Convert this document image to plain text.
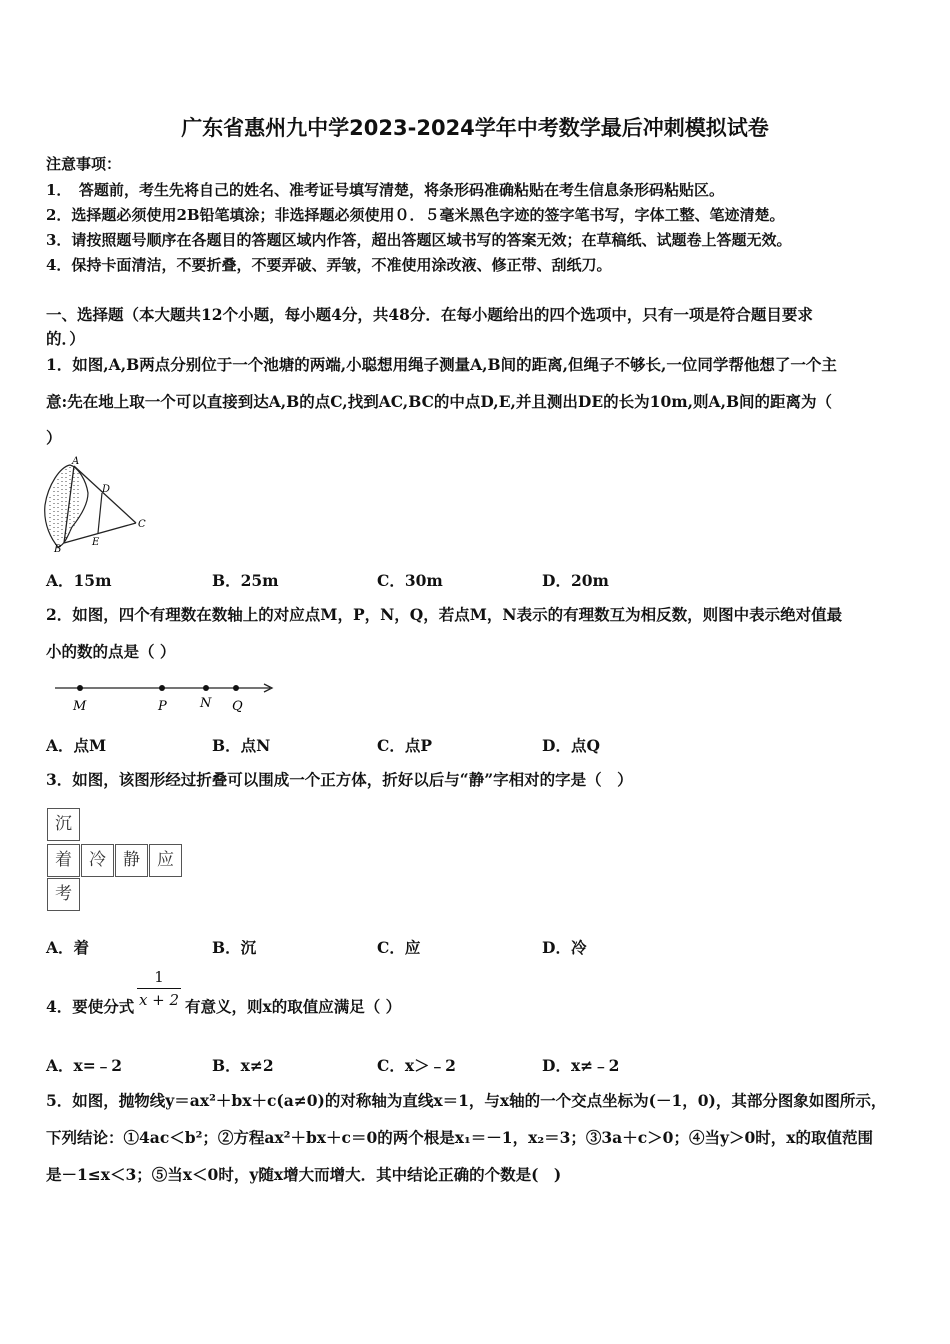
广东省惠州九中学2023-2024学年中考数学最后冲刺模拟试卷
注意事项：
1．　答题前，考生先将自己的姓名、准考证号填写清楚，将条形码准确粘贴在考生信息条形码粘贴区。
2．选择题必须使用2B铅笔填涂；非选择题必须使用０．５毫米黑色字迹的签字笔书写，字体工整、笔迹清楚。
3．请按照题号顺序在各题目的答题区域内作答，超出答题区域书写的答案无效；在草稿纸、试题卷上答题无效。
4．保持卡面清洁，不要折叠，不要弄破、弄皱，不准使用涂改液、修正带、刮纸刀。
一、选择题（本大题共12个小题，每小题4分，共48分．在每小题给出的四个选项中，只有一项是符合题目要求
的．）
1．如图,A,B两点分别位于一个池塘的两端,小聪想用绳子测量A,B间的距离,但绳子不够长,一位同学帮他想了一个主
意:先在地上取一个可以直接到达A,B的点C,找到AC,BC的中点D,E,并且测出DE的长为10m,则A,B间的距离为（
）
A
D
C
B
E
A．15m	B．25m	C．30m	D．20m
2．如图，四个有理数在数轴上的对应点M，P，N，Q，若点M，N表示的有理数互为相反数，则图中表示绝对值最
小的数的点是（ ）
M	P	N Q
A．点M	B．点N	C．点P	D．点Q
3．如图，该图形经过折叠可以围成一个正方体，折好以后与“静”字相对的字是（　）
沉
着	冷	静	应
考
A．着	B．沉	C．应	D．冷
4．要使分式
1
x + 2 有意义，则x的取值应满足（ ）
A．x=﹣2	B．x≠2	C．x＞﹣2	D．x≠﹣2
5．如图，抛物线y＝ax²＋bx＋c(a≠0)的对称轴为直线x＝1，与x轴的一个交点坐标为(－1，0)，其部分图象如图所示，
下列结论：①4ac＜b²；②方程ax²＋bx＋c＝0的两个根是x₁＝－1，x₂＝3；③3a＋c＞0；④当y＞0时，x的取值范围
是－1≤x＜3；⑤当x＜0时，y随x增大而增大．其中结论正确的个数是(　)
